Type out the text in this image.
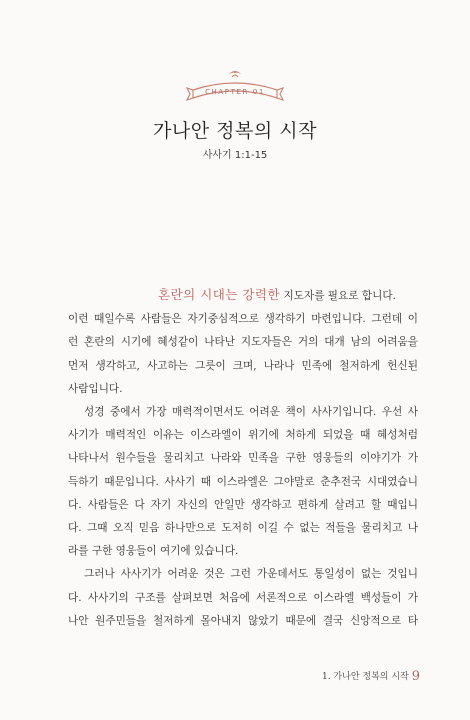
CHAPTER 01
가나안 정복의 시작
사사기 1:1-15

혼란의 시대는 강력한 지도자를 필요로 합니다.
이런 때일수록 사람들은 자기중심적으로 생각하기 마련입니다. 그런데 이
런 혼란의 시기에 혜성같이 나타난 지도자들은 거의 대개 남의 어려움을
먼저 생각하고, 사고하는 그릇이 크며, 나라나 민족에 철저하게 헌신된
사람입니다.

성경 중에서 가장 매력적이면서도 어려운 책이 사사기입니다. 우선 사
사기가 매력적인 이유는 이스라엘이 위기에 처하게 되었을 때 혜성처럼
나타나서 원수들을 물리치고 나라와 민족을 구한 영웅들의 이야기가 가
득하기 때문입니다. 사사기 때 이스라엘은 그야말로 춘추전국 시대였습니
다. 사람들은 다 자기 자신의 안일만 생각하고 편하게 살려고 할 때입니
다. 그때 오직 믿음 하나만으로 도저히 이길 수 없는 적들을 물리치고 나
라를 구한 영웅들이 여기에 있습니다.

그러나 사사기가 어려운 것은 그런 가운데서도 통일성이 없는 것입니
다. 사사기의 구조를 살펴보면 처음에 서론적으로 이스라엘 백성들이 가
나안 원주민들을 철저하게 몰아내지 않았기 때문에 결국 신앙적으로 타

1. 가나안 정복의 시작 9
